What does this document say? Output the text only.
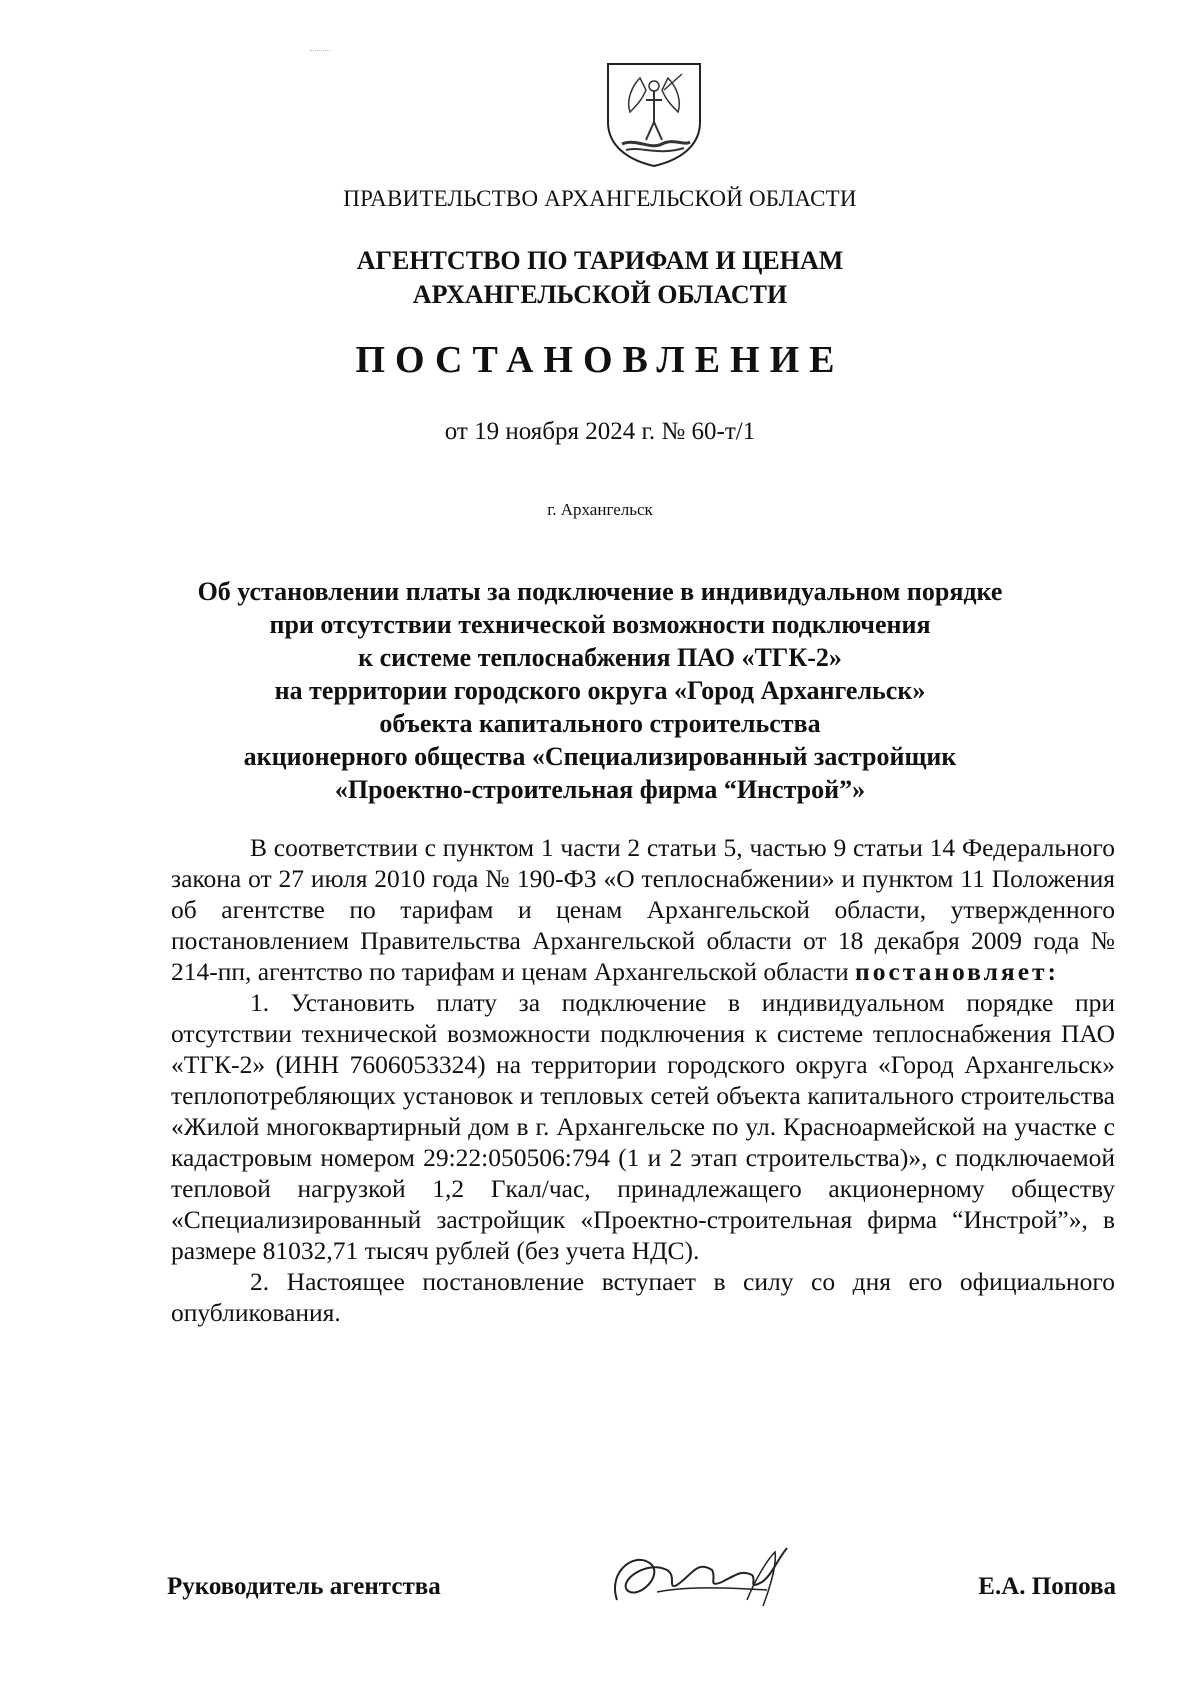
ПРАВИТЕЛЬСТВО АРХАНГЕЛЬСКОЙ ОБЛАСТИ
АГЕНТСТВО ПО ТАРИФАМ И ЦЕНАМ
АРХАНГЕЛЬСКОЙ ОБЛАСТИ
ПОСТАНОВЛЕНИЕ
от 19 ноября 2024 г. № 60-т/1
г. Архангельск
Об установлении платы за подключение в индивидуальном порядке
при отсутствии технической возможности подключения
к системе теплоснабжения ПАО «ТГК-2»
на территории городского округа «Город Архангельск»
объекта капитального строительства
акционерного общества «Специализированный застройщик
«Проектно-строительная фирма “Инстрой”»

В соответствии с пунктом 1 части 2 статьи 5, частью 9 статьи 14 Федерального закона от 27 июля 2010 года № 190-ФЗ «О теплоснабжении» и пунктом 11 Положения об агентстве по тарифам и ценам Архангельской области, утвержденного постановлением Правительства Архангельской области от 18 декабря 2009 года № 214-пп, агентство по тарифам и ценам Архангельской области постановляет:

1. Установить плату за подключение в индивидуальном порядке при отсутствии технической возможности подключения к системе теплоснабжения ПАО «ТГК-2» (ИНН 7606053324) на территории городского округа «Город Архангельск» теплопотребляющих установок и тепловых сетей объекта капитального строительства «Жилой многоквартирный дом в г. Архангельске по ул. Красноармейской на участке с кадастровым номером 29:22:050506:794 (1 и 2 этап строительства)», с подключаемой тепловой нагрузкой 1,2 Гкал/час, принадлежащего акционерному обществу «Специализированный застройщик «Проектно-строительная фирма “Инстрой”», в размере 81032,71 тысяч рублей (без учета НДС).

2. Настоящее постановление вступает в силу со дня его официального опубликования.

Руководитель агентства	Е.А. Попова
